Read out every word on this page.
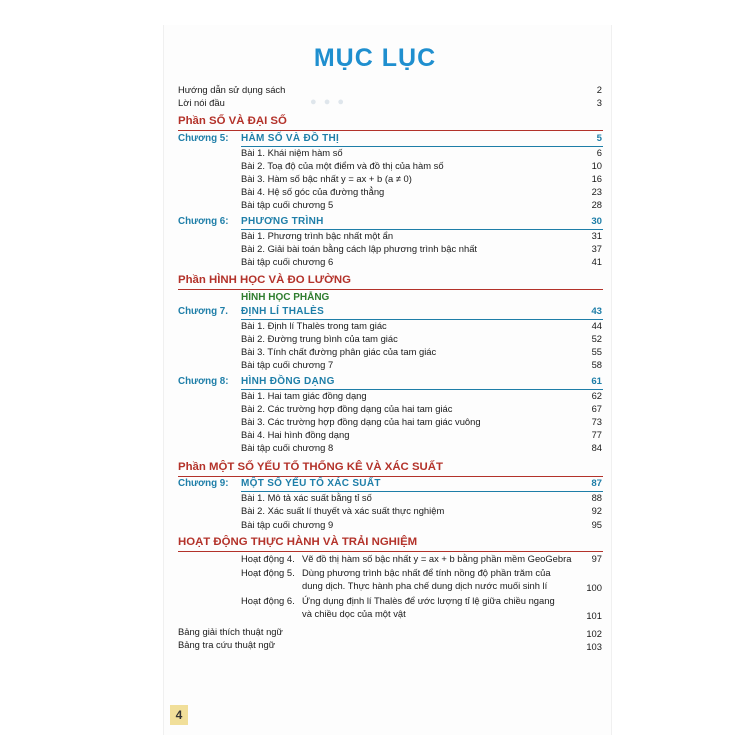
MỤC LỤC
● ● ●
Hướng dẫn sử dụng sách	2
Lời nói đầu	3
Phần SỐ VÀ ĐẠI SỐ
Chương 5: HÀM SỐ VÀ ĐỒ THỊ	5
Bài 1. Khái niệm hàm số	6
Bài 2. Toạ độ của một điểm và đồ thị của hàm số	10
Bài 3. Hàm số bậc nhất y = ax + b (a ≠ 0)	16
Bài 4. Hệ số góc của đường thẳng	23
Bài tập cuối chương 5	28
Chương 6: PHƯƠNG TRÌNH	30
Bài 1. Phương trình bậc nhất một ẩn	31
Bài 2. Giải bài toán bằng cách lập phương trình bậc nhất	37
Bài tập cuối chương 6	41
Phần HÌNH HỌC VÀ ĐO LƯỜNG
HÌNH HỌC PHẲNG
Chương 7. ĐỊNH LÍ THALÈS	43
Bài 1. Định lí Thalès trong tam giác	44
Bài 2. Đường trung bình của tam giác	52
Bài 3. Tính chất đường phân giác của tam giác	55
Bài tập cuối chương 7	58
Chương 8: HÌNH ĐỒNG DẠNG	61
Bài 1. Hai tam giác đồng dạng	62
Bài 2. Các trường hợp đồng dạng của hai tam giác	67
Bài 3. Các trường hợp đồng dạng của hai tam giác vuông	73
Bài 4. Hai hình đồng dạng	77
Bài tập cuối chương 8	84
Phần MỘT SỐ YẾU TỐ THỐNG KÊ VÀ XÁC SUẤT
Chương 9: MỘT SỐ YẾU TỐ XÁC SUẤT	87
Bài 1. Mô tả xác suất bằng tỉ số	88
Bài 2. Xác suất lí thuyết và xác suất thực nghiệm	92
Bài tập cuối chương 9	95
HOẠT ĐỘNG THỰC HÀNH VÀ TRẢI NGHIỆM
Hoạt động 4. Vẽ đồ thị hàm số bậc nhất y = ax + b bằng phần mềm GeoGebra	97
Hoạt động 5. Dùng phương trình bậc nhất để tính nồng độ phần trăm của
dung dịch. Thực hành pha chế dung dịch nước muối sinh lí	100
Hoạt động 6. Ứng dụng định lí Thalès để ước lượng tỉ lệ giữa chiều ngang
và chiều dọc của một vật	101
Bảng giải thích thuật ngữ	102
Bảng tra cứu thuật ngữ	103
4
